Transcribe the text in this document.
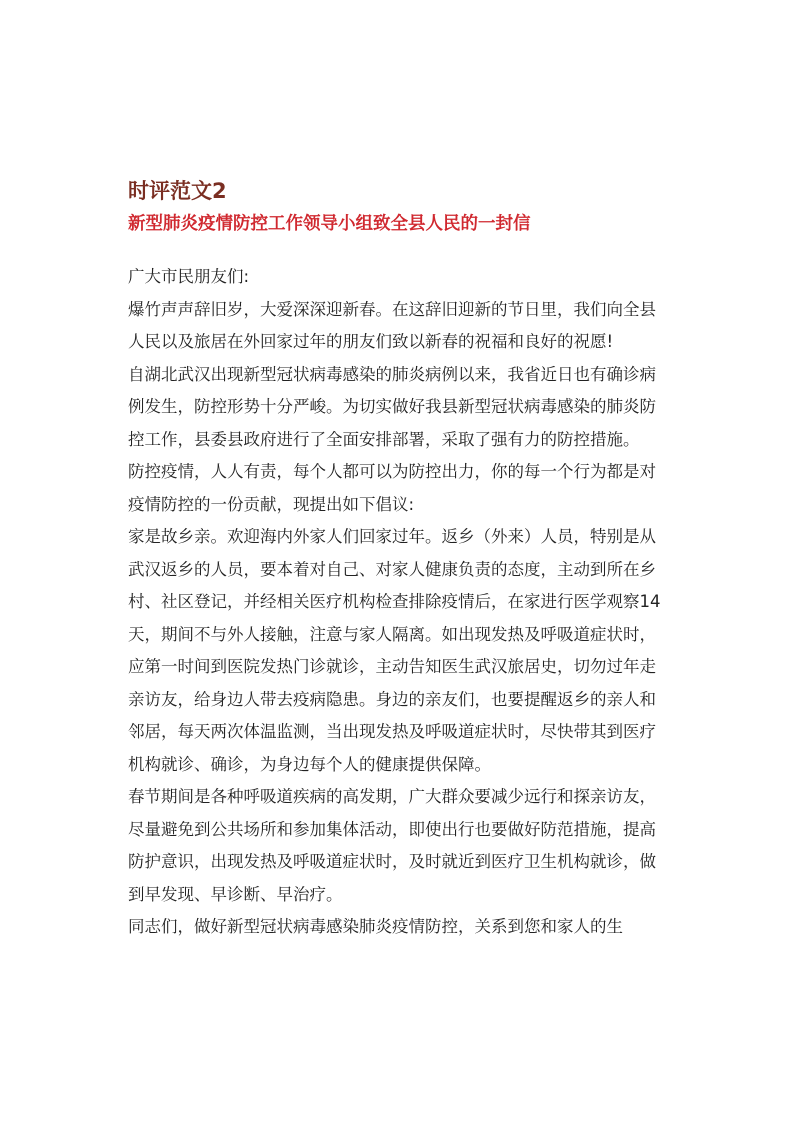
时评范文2
新型肺炎疫情防控工作领导小组致全县人民的一封信

广大市民朋友们:

爆竹声声辞旧岁，大爱深深迎新春。在这辞旧迎新的节日里，我们向全县人民以及旅居在外回家过年的朋友们致以新春的祝福和良好的祝愿!

自湖北武汉出现新型冠状病毒感染的肺炎病例以来，我省近日也有确诊病例发生，防控形势十分严峻。为切实做好我县新型冠状病毒感染的肺炎防控工作，县委县政府进行了全面安排部署，采取了强有力的防控措施。

防控疫情，人人有责，每个人都可以为防控出力，你的每一个行为都是对疫情防控的一份贡献，现提出如下倡议:

家是故乡亲。欢迎海内外家人们回家过年。返乡（外来）人员，特别是从武汉返乡的人员，要本着对自己、对家人健康负责的态度，主动到所在乡村、社区登记，并经相关医疗机构检查排除疫情后，在家进行医学观察14天，期间不与外人接触，注意与家人隔离。如出现发热及呼吸道症状时，应第一时间到医院发热门诊就诊，主动告知医生武汉旅居史，切勿过年走亲访友，给身边人带去疫病隐患。身边的亲友们，也要提醒返乡的亲人和邻居，每天两次体温监测，当出现发热及呼吸道症状时，尽快带其到医疗机构就诊、确诊，为身边每个人的健康提供保障。

春节期间是各种呼吸道疾病的高发期，广大群众要减少远行和探亲访友，尽量避免到公共场所和参加集体活动，即使出行也要做好防范措施，提高防护意识，出现发热及呼吸道症状时，及时就近到医疗卫生机构就诊，做到早发现、早诊断、早治疗。

同志们，做好新型冠状病毒感染肺炎疫情防控，关系到您和家人的生
